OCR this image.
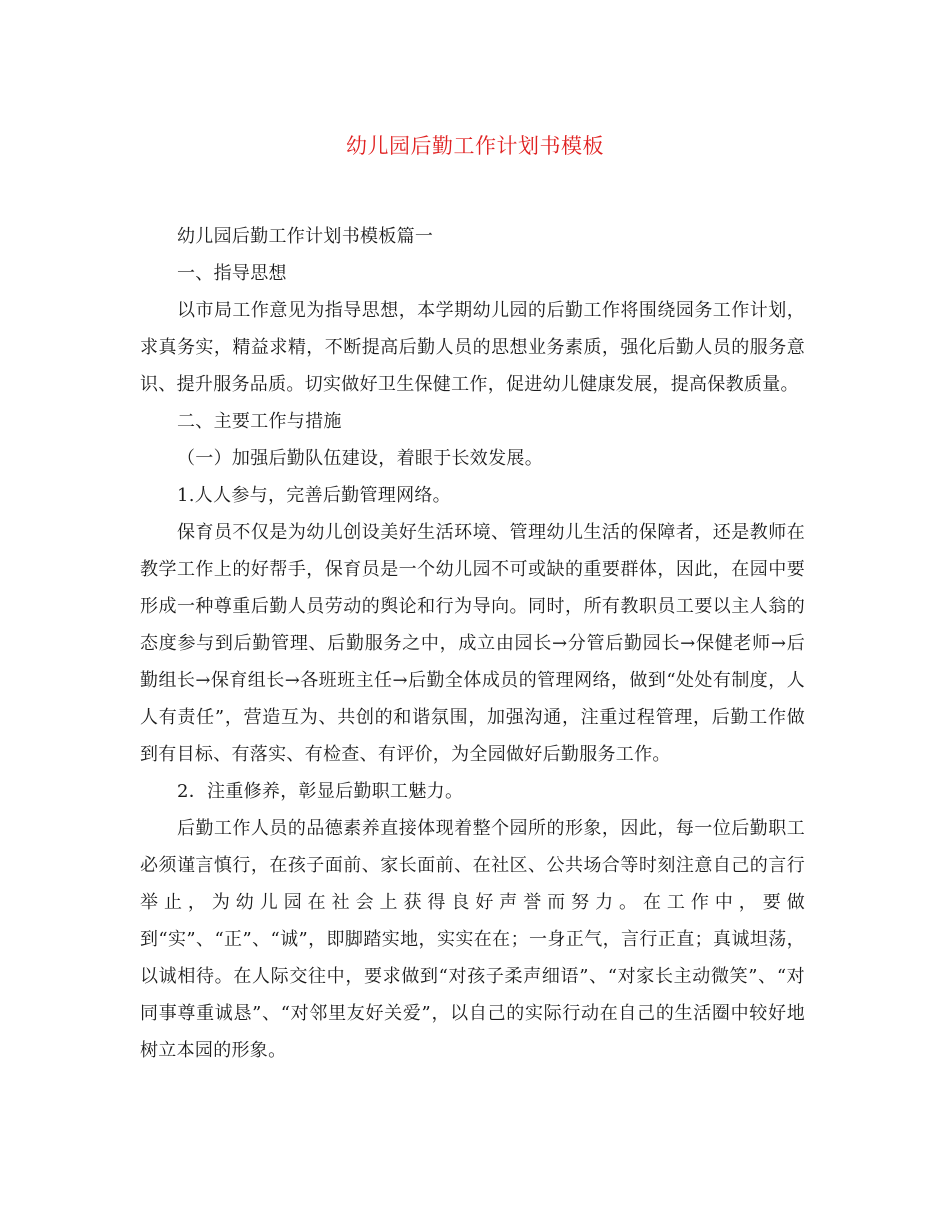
幼儿园后勤工作计划书模板

幼儿园后勤工作计划书模板篇一

一、指导思想

以市局工作意见为指导思想，本学期幼儿园的后勤工作将围绕园务工作计划，求真务实，精益求精，不断提高后勤人员的思想业务素质，强化后勤人员的服务意识、提升服务品质。切实做好卫生保健工作，促进幼儿健康发展，提高保教质量。

二、主要工作与措施

（一）加强后勤队伍建设，着眼于长效发展。

1.人人参与，完善后勤管理网络。

保育员不仅是为幼儿创设美好生活环境、管理幼儿生活的保障者，还是教师在教学工作上的好帮手，保育员是一个幼儿园不可或缺的重要群体，因此，在园中要形成一种尊重后勤人员劳动的舆论和行为导向。同时，所有教职员工要以主人翁的态度参与到后勤管理、后勤服务之中，成立由园长→分管后勤园长→保健老师→后勤组长→保育组长→各班班主任→后勤全体成员的管理网络，做到“处处有制度，人人有责任”，营造互为、共创的和谐氛围，加强沟通，注重过程管理，后勤工作做到有目标、有落实、有检查、有评价，为全园做好后勤服务工作。

2．注重修养，彰显后勤职工魅力。

后勤工作人员的品德素养直接体现着整个园所的形象，因此，每一位后勤职工必须谨言慎行，在孩子面前、家长面前、在社区、公共场合等时刻注意自己的言行举止，为幼儿园在社会上获得良好声誉而努力。在工作中，要做到“实”、“正”、“诚”，即脚踏实地，实实在在；一身正气，言行正直；真诚坦荡，以诚相待。在人际交往中，要求做到“对孩子柔声细语”、“对家长主动微笑”、“对同事尊重诚恳”、“对邻里友好关爱”，以自己的实际行动在自己的生活圈中较好地树立本园的形象。
